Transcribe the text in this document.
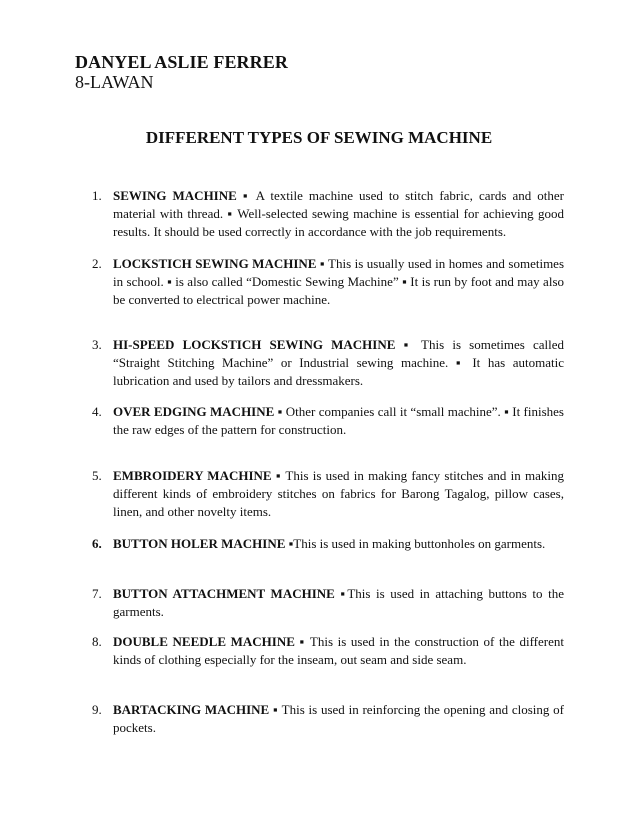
DANYEL ASLIE FERRER
8-LAWAN
DIFFERENT TYPES OF SEWING MACHINE
1. SEWING MACHINE ▪ A textile machine used to stitch fabric, cards and other material with thread. ▪ Well-selected sewing machine is essential for achieving good results. It should be used correctly in accordance with the job requirements.
2. LOCKSTICH SEWING MACHINE ▪ This is usually used in homes and sometimes in school. ▪ is also called “Domestic Sewing Machine” ▪ It is run by foot and may also be converted to electrical power machine.
3. HI-SPEED LOCKSTICH SEWING MACHINE ▪ This is sometimes called “Straight Stitching Machine” or Industrial sewing machine. ▪ It has automatic lubrication and used by tailors and dressmakers.
4. OVER EDGING MACHINE ▪ Other companies call it “small machine”. ▪ It finishes the raw edges of the pattern for construction.
5. EMBROIDERY MACHINE ▪ This is used in making fancy stitches and in making different kinds of embroidery stitches on fabrics for Barong Tagalog, pillow cases, linen, and other novelty items.
6. BUTTON HOLER MACHINE ▪This is used in making buttonholes on garments.
7. BUTTON ATTACHMENT MACHINE ▪This is used in attaching buttons to the garments.
8. DOUBLE NEEDLE MACHINE ▪ This is used in the construction of the different kinds of clothing especially for the inseam, out seam and side seam.
9. BARTACKING MACHINE ▪ This is used in reinforcing the opening and closing of pockets.
